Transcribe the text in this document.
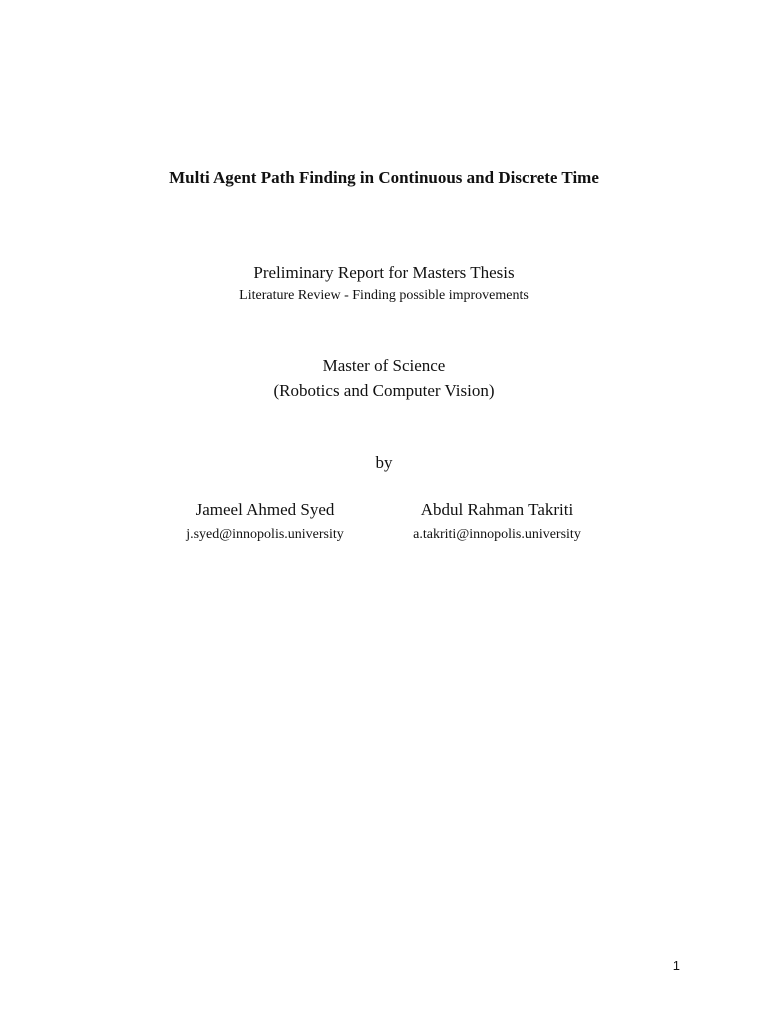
Multi Agent Path Finding in Continuous and Discrete Time
Preliminary Report for Masters Thesis
Literature Review - Finding possible improvements
Master of Science
(Robotics and Computer Vision)
by
Jameel Ahmed Syed
j.syed@innopolis.university
Abdul Rahman Takriti
a.takriti@innopolis.university
1
